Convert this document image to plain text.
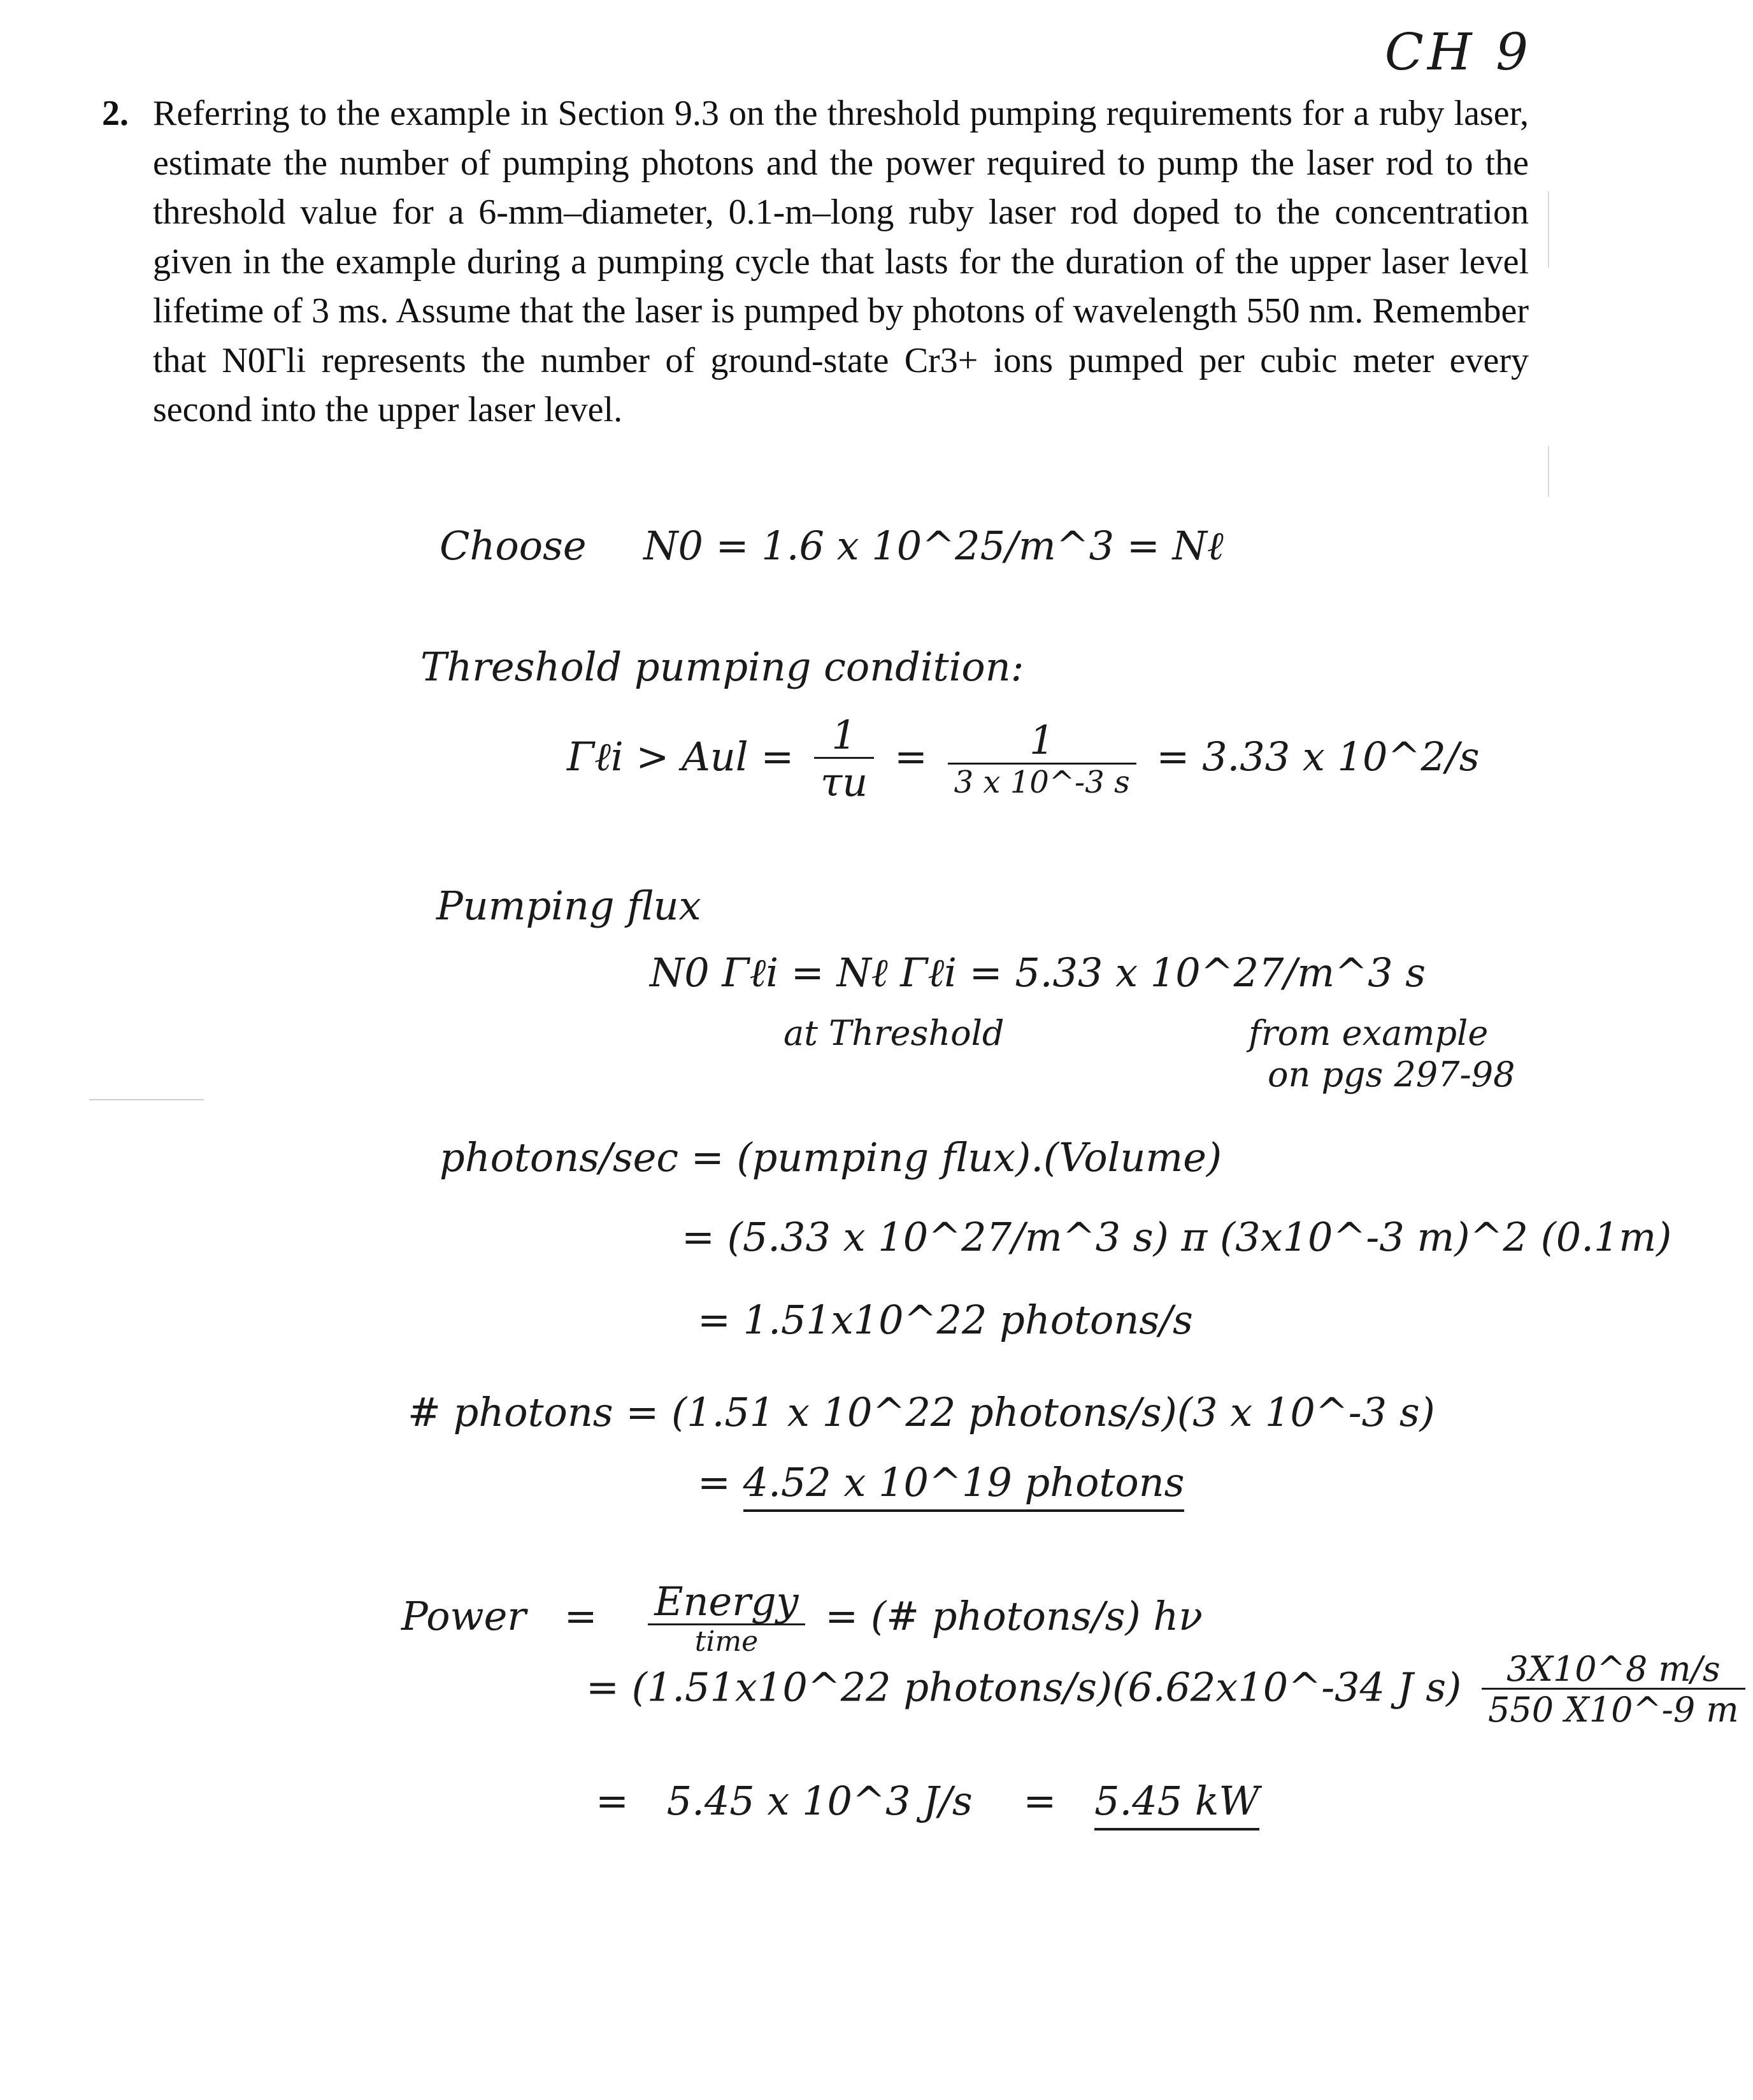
CH 9
2. Referring to the example in Section 9.3 on the threshold pumping requirements for a ruby laser, estimate the number of pumping photons and the power required to pump the laser rod to the threshold value for a 6-mm–diameter, 0.1-m–long ruby laser rod doped to the concentration given in the example during a pumping cycle that lasts for the duration of the upper laser level lifetime of 3 ms. Assume that the laser is pumped by photons of wavelength 550 nm. Remember that N0Γli represents the number of ground-state Cr3+ ions pumped per cubic meter every second into the upper laser level.
Choose N0 = 1.6 x 10^25/m^3 = Nℓ
Threshold pumping condition:
Γℓi > Aul = $\frac{1}{\tau u} = \frac{1}{3 x 10\^{}-3 s} = 3.33$ x 10^2/s
Pumping flux
N0 Γℓi = Nℓ Γℓi = 5.33 x 10^27/m^3 s
at Threshold	from example
on pgs 297-98
photons/sec = (pumping flux).(Volume)
= (5.33 x 10^27/m^3 s) π (3x10^-3 m)^2 (0.1m)
= 1.51x10^22 photons/s
# photons = (1.51 x 10^22 photons/s)(3 x 10^-3 s)
= 4.52 x 10^19 photons
Power = $\frac{\text{Energy}}{\text{time}}$ = (# photons/s) hν
= (1.51x10^22 photons/s)(6.62x10^-34 J $s) \frac{3X10\^{}8 m/s}{550 X10\^{}-9 m}$
= 5.45 x 10^3 J/s = 5.45 kW
